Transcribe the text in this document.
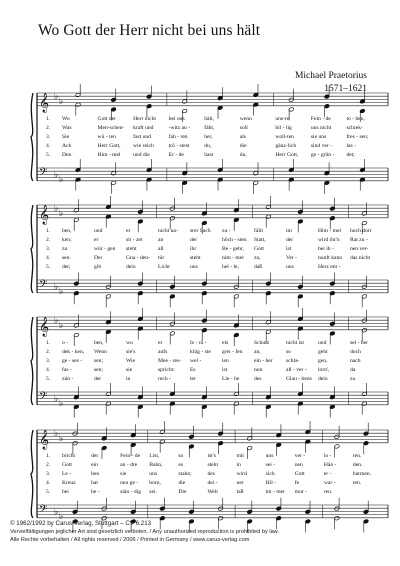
Wo Gott der Herr nicht bei uns hält
Michael Praetorius
1571–1621
𝄞 ♭ ♭
𝄢 ♭ ♭
1. Wo	Gott der	Herr nicht bei uns	hält,	wenn	uns-re	Fein - de	to - ben,
2. Was	Men-schen- kraft und	-witz an -	fäht,	soll	bil - lig	uns nicht	schrek-
3. Sie	wü - ten	fast und	fah - ren	her,	als	woll-ten	sie uns	fres - sen;
4. Ach	Herr Gott, wie reich	trö - stest	du,	die	gänz-lich	sind ver -	las -
5. Den	Him - mel und die	Er - de	hast	du,	Herr Gott, ge - grün - det;
𝄞 ♭ ♭
𝄢 ♭ ♭
1. ben,	und	er	nicht un- srer Sach zu -	fällt	im	Him - mel hoch dort
2. ken;	er	sit - zet	an	der	höch - sten Statt,	der	wird ihr'n Rat zu -
3. zu	wür - gen steht	all	ihr	Be - gehr, Gott	ist	bei ih -	nen ver-
4. sen.	Der	Gna - den- tür	steht	nim - mer zu,	Ver -	nunft kann das nicht
5. det;	gib	dein	Licht	uns	hel - le,	daß	uns	Herz ent -
𝄞 ♭ ♭
𝄢 ♭ ♭
1. o -	ben,	wo	er	Is - ra -	els	Schutz	nicht ist	und	sel - ber
2. dek - ken, Wenn	sie's	aufs	klüg - ste grei - fen an,	so	geht	doch
3. ge - ses - sen;	Wie	Mee - res- wel -	len	ein - her schla-	gen,	nach
4. fas -	sen;	sie	spricht:	Es	ist	nun	all - ver - lorn',	da
5. zün -	det	in	rech -	ter	Lie - be	des	Glau - bens dein	zu
𝄞 ♭ ♭
𝄢 ♭ ♭
1. bricht	der	Fein - de List,	so	ist's	mit	uns	ver -	lo -	ren.
2. Gott	ein	an - dre Bahn,	es	steht	in	sei -	nen	Hän -	den.
3. Le -	ben	sie	uns	stahn;	des	wird	sich	Gott	er -	barmen.
4. Kreuz	hat	neu ge - born,	die	dei -	ner	Hil -	fe	war -	ten.
5. bei	be -	stän - dig sei.	Die	Welt	laß	im - mer mur -	ren.
© 1962/1992 by Carus-Verlag, Stuttgart – CV 6.213
Vervielfältigungen jeglicher Art sind gesetzlich verboten. / Any unauthorized reproduction is prohibited by law.
Alle Rechte vorbehalten / All rights reserved / 2006 / Printed in Germany / www.carus-verlag.com
